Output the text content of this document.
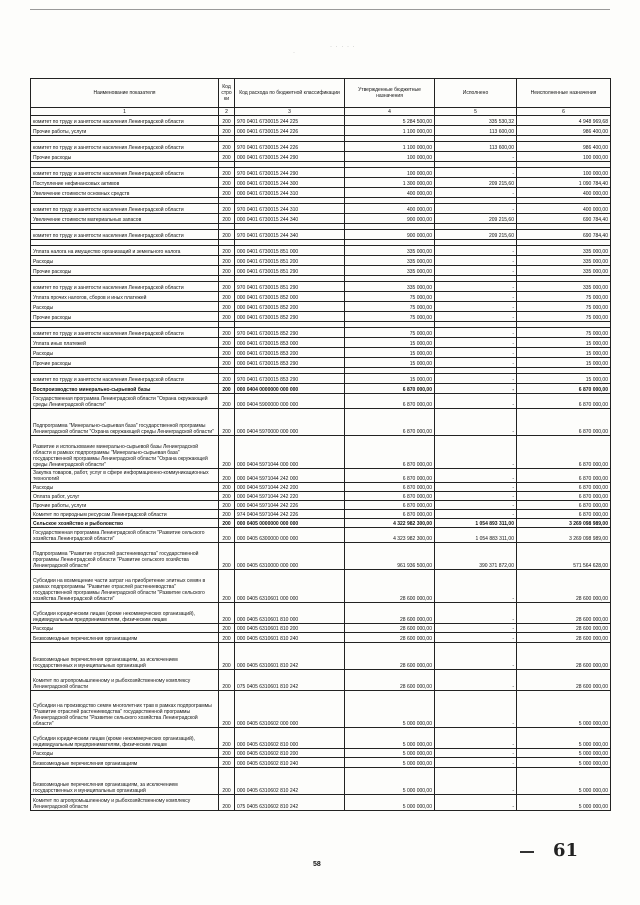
· · · · ·
·
Наименование показателя	Код стро ки	Код расхода по бюджетной классификации	Утвержденные бюджетные назначения	Исполнено	Неисполненные назначения
1	2	3	4	5	6
комитет по труду и занятости населения Ленинградской области	200	970 0401 6730015 244 225	5 284 500,00	335 530,32	4 948 969,68
Прочие работы, услуги	200	000 0401 6730015 244 226	1 100 000,00	113 600,00	986 400,00

комитет по труду и занятости населения Ленинградской области	200	970 0401 6730015 244 226	1 100 000,00	113 600,00	986 400,00
Прочие расходы	200	000 0401 6730015 244 290	100 000,00	-	100 000,00

комитет по труду и занятости населения Ленинградской области	200	970 0401 6730015 244 290	100 000,00	-	100 000,00
Поступление нефинансовых активов	200	000 0401 6730015 244 300	1 300 000,00	209 215,60	1 090 784,40
Увеличение стоимости основных средств	200	000 0401 6730015 244 310	400 000,00	-	400 000,00

комитет по труду и занятости населения Ленинградской области	200	970 0401 6730015 244 310	400 000,00	-	400 000,00
Увеличение стоимости материальных запасов	200	000 0401 6730015 244 340	900 000,00	209 215,60	690 784,40

комитет по труду и занятости населения Ленинградской области	200	970 0401 6730015 244 340	900 000,00	209 215,60	690 784,40

Уплата налога на имущество организаций и земельного налога	200	000 0401 6730015 851 000	335 000,00	-	335 000,00
Расходы	200	000 0401 6730015 851 200	335 000,00	-	335 000,00
Прочие расходы	200	000 0401 6730015 851 290	335 000,00	-	335 000,00

комитет по труду и занятости населения Ленинградской области	200	970 0401 6730015 851 290	335 000,00	-	335 000,00
Уплата прочих налогов, сборов и иных платежей	200	000 0401 6730015 852 000	75 000,00	-	75 000,00
Расходы	200	000 0401 6730015 852 200	75 000,00	-	75 000,00
Прочие расходы	200	000 0401 6730015 852 290	75 000,00	-	75 000,00

комитет по труду и занятости населения Ленинградской области	200	970 0401 6730015 852 290	75 000,00	-	75 000,00
Уплата иных платежей	200	000 0401 6730015 853 000	15 000,00	-	15 000,00
Расходы	200	000 0401 6730015 853 200	15 000,00	-	15 000,00
Прочие расходы	200	000 0401 6730015 853 290	15 000,00	-	15 000,00

комитет по труду и занятости населения Ленинградской области	200	970 0401 6730015 853 290	15 000,00	-	15 000,00
Воспроизводство минерально-сырьевой базы	200	000 0404 0000000 000 000	6 870 000,00	-	6 870 000,00
Государственная программа Ленинградской области "Охрана окружающей среды Ленинградской области"	200	000 0404 5900000 000 000	6 870 000,00	-	6 870 000,00
Подпрограмма "Минерально-сырьевая база" государственной программы Ленинградской области "Охрана окружающей среды Ленинградской области"	200	000 0404 5970000 000 000	6 870 000,00	-	6 870 000,00
Развитие и использование минерально-сырьевой базы Ленинградской области в рамках подпрограммы "Минерально-сырьевая база" государственной программы Ленинградской области "Охрана окружающей среды Ленинградской области"	200	000 0404 5971044 000 000	6 870 000,00	-	6 870 000,00
Закупка товаров, работ, услуг в сфере информационно-коммуникационных технологий	200	000 0404 5971044 242 000	6 870 000,00	-	6 870 000,00
Расходы	200	000 0404 5971044 242 200	6 870 000,00	-	6 870 000,00
Оплата работ, услуг	200	000 0404 5971044 242 220	6 870 000,00	-	6 870 000,00
Прочие работы, услуги	200	000 0404 5971044 242 226	6 870 000,00	-	6 870 000,00
Комитет по природным ресурсам Ленинградской области	200	974 0404 5971044 242 226	6 870 000,00	-	6 870 000,00
Сельское хозяйство и рыболовство	200	000 0405 0000000 000 000	4 322 982 300,00	1 054 893 311,00	3 269 098 989,00
Государственная программа Ленинградской области "Развитие сельского хозяйства Ленинградской области"	200	000 0405 6300000 000 000	4 323 982 300,00	1 054 883 311,00	3 269 098 989,00
Подпрограмма "Развитие отраслей растениеводства" государственной программы Ленинградской области "Развитие сельского хозяйства Ленинградской области"	200	000 0405 6310000 000 000	961 936 500,00	390 371 872,00	571 564 628,00
Субсидии на возмещение части затрат на приобретение элитных семян в рамках подпрограммы "Развитие отраслей растениеводства" государственной программы Ленинградской области "Развитие сельского хозяйства Ленинградской области"	200	000 0405 6310601 000 000	28 600 000,00	-	28 600 000,00
Субсидии юридическим лицам (кроме некоммерческих организаций), индивидуальным предпринимателям, физическим лицам	200	000 0405 6310601 810 000	28 600 000,00	-	28 600 000,00
Расходы	200	000 0405 6310601 810 200	28 600 000,00	-	28 600 000,00
Безвозмездные перечисления организациям	200	000 0405 6310601 810 240	28 600 000,00	-	28 600 000,00
Безвозмездные перечисления организациям, за исключением государственных и муниципальных организаций	200	000 0405 6310601 810 242	28 600 000,00	-	28 600 000,00
Комитет по агропромышленному и рыбохозяйственному комплексу Ленинградской области	200	075 0405 6310601 810 242	28 600 000,00	-	28 600 000,00
Субсидии на производство семян многолетних трав в рамках подпрограммы "Развитие отраслей растениеводства" государственной программы Ленинградской области "Развитие сельского хозяйства Ленинградской области"	200	000 0405 6310602 000 000	5 000 000,00	-	5 000 000,00
Субсидии юридическим лицам (кроме некоммерческих организаций), индивидуальным предпринимателям, физическим лицам	200	000 0405 6310602 810 000	5 000 000,00	-	5 000 000,00
Расходы	200	000 0405 6310602 810 200	5 000 000,00	-	5 000 000,00
Безвозмездные перечисления организациям	200	000 0405 6310602 810 240	5 000 000,00	-	5 000 000,00
Безвозмездные перечисления организациям, за исключением государственных и муниципальных организаций	200	000 0405 6310602 810 242	5 000 000,00	-	5 000 000,00
Комитет по агропромышленному и рыбохозяйственному комплексу Ленинградской области	200	075 0405 6310602 810 242	5 000 000,00	-	5 000 000,00
58
61
